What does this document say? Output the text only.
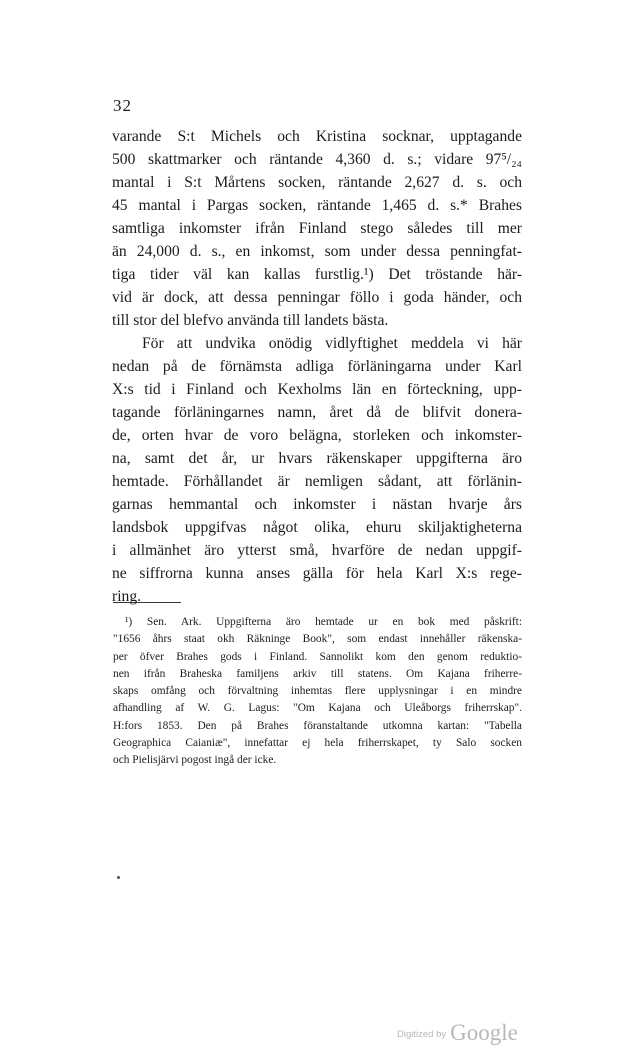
32
varande S:t Michels och Kristina socknar, upptagande
500 skattmarker och räntande 4,360 d. s.; vidare 97⁵/₂₄
mantal i S:t Mårtens socken, räntande 2,627 d. s. och
45 mantal i Pargas socken, räntande 1,465 d. s.* Brahes
samtliga inkomster ifrån Finland stego således till mer
än 24,000 d. s., en inkomst, som under dessa penningfat-
tiga tider väl kan kallas furstlig.¹) Det tröstande här-
vid är dock, att dessa penningar föllo i goda händer, och
till stor del blefvo använda till landets bästa.
För att undvika onödig vidlyftighet meddela vi här
nedan på de förnämsta adliga förläningarna under Karl
X:s tid i Finland och Kexholms län en förteckning, upp-
tagande förläningarnes namn, året då de blifvit donera-
de, orten hvar de voro belägna, storleken och inkomster-
na, samt det år, ur hvars räkenskaper uppgifterna äro
hemtade. Förhållandet är nemligen sådant, att förlänin-
garnas hemmantal och inkomster i nästan hvarje års
landsbok uppgifvas något olika, ehuru skiljaktigheterna
i allmänhet äro ytterst små, hvarföre de nedan uppgif-
ne siffrorna kunna anses gälla för hela Karl X:s rege-
ring.
¹) Sen. Ark. Uppgifterna äro hemtade ur en bok med påskrift:
"1656 åhrs staat okh Räkninge Book", som endast innehåller räkenskа-
per öfver Brahes gods i Finland. Sannolikt kom den genom reduktio-
nen ifrån Braheska familjens arkiv till statens. Om Kajana friherre-
skaps omfång och förvaltning inhemtas flere upplysningar i en mindre
afhandling af W. G. Lagus: "Om Kajana och Uleåborgs friherrskap".
H:fors 1853. Den på Brahes föranstaltande utkomna kartan: "Tabella
Geographica Caianiæ", innefattar ej hela friherrskapet, ty Salo socken
och Pielisjärvi pogost ingå der icke.
Digitized by Google
